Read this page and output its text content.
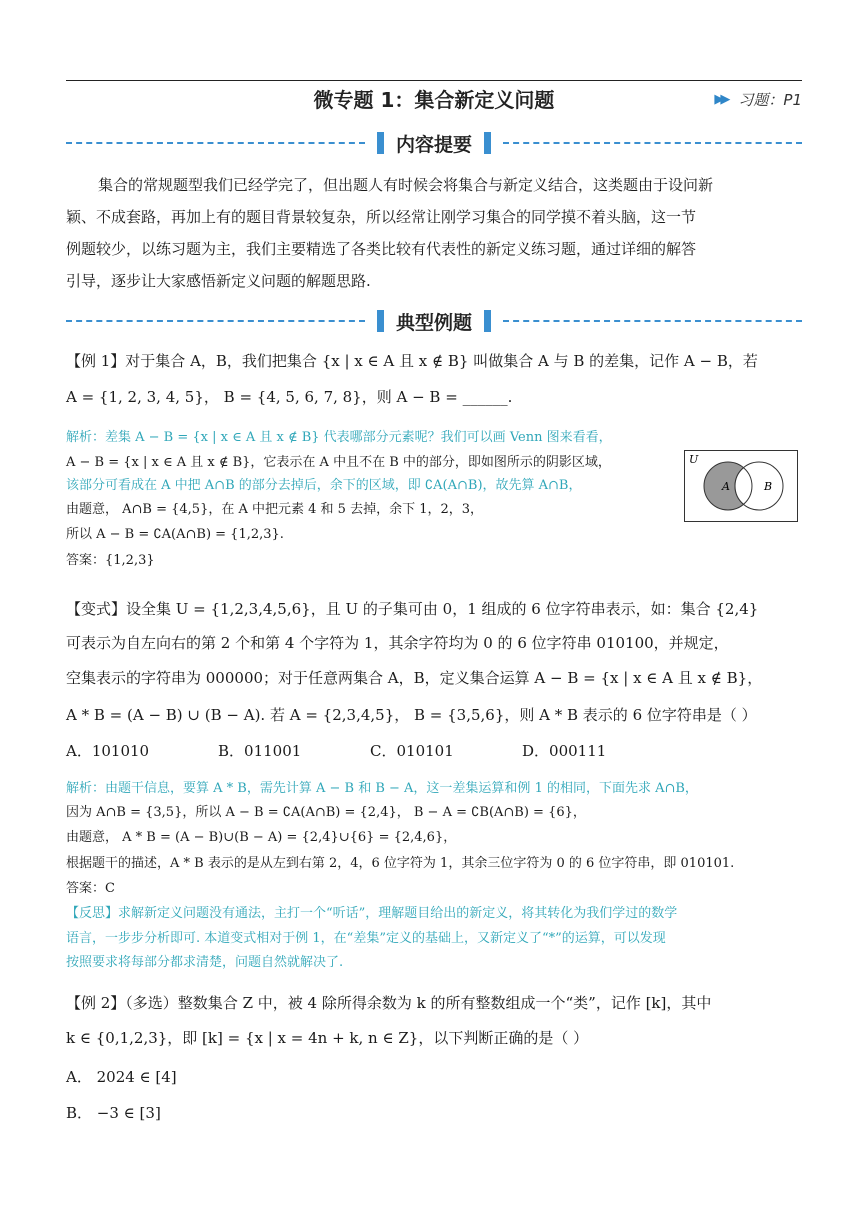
微专题 1：集合新定义问题	▶▶ 习题：P1
内容提要
集合的常规题型我们已经学完了，但出题人有时候会将集合与新定义结合，这类题由于设问新
颖、不成套路，再加上有的题目背景较复杂，所以经常让刚学习集合的同学摸不着头脑，这一节
例题较少，以练习题为主，我们主要精选了各类比较有代表性的新定义练习题，通过详细的解答
引导，逐步让大家感悟新定义问题的解题思路.
典型例题
【例 1】对于集合 A，B，我们把集合 {x | x ∈ A 且 x ∉ B} 叫做集合 A 与 B 的差集，记作 A − B，若
A = {1, 2, 3, 4, 5}， B = {4, 5, 6, 7, 8}，则 A − B = ______.
解析：差集 A − B = {x | x ∈ A 且 x ∉ B} 代表哪部分元素呢？我们可以画 Venn 图来看看，
A − B = {x | x ∈ A 且 x ∉ B}，它表示在 A 中且不在 B 中的部分，即如图所示的阴影区域，
该部分可看成在 A 中把 A∩B 的部分去掉后，余下的区域，即 ∁A(A∩B)，故先算 A∩B，
由题意， A∩B = {4,5}，在 A 中把元素 4 和 5 去掉，余下 1，2，3，
所以 A − B = ∁A(A∩B) = {1,2,3}.
答案：{1,2,3}
U
A	B
【变式】设全集 U = {1,2,3,4,5,6}，且 U 的子集可由 0，1 组成的 6 位字符串表示，如：集合 {2,4}
可表示为自左向右的第 2 个和第 4 个字符为 1，其余字符均为 0 的 6 位字符串 010100，并规定，
空集表示的字符串为 000000；对于任意两集合 A，B，定义集合运算 A − B = {x | x ∈ A 且 x ∉ B}，
A * B = (A − B) ∪ (B − A). 若 A = {2,3,4,5}， B = {3,5,6}，则 A * B 表示的 6 位字符串是（ ）
A．101010	B．011001	C．010101	D．000111
解析：由题干信息，要算 A * B，需先计算 A − B 和 B − A，这一差集运算和例 1 的相同，下面先求 A∩B，
因为 A∩B = {3,5}，所以 A − B = ∁A(A∩B) = {2,4}， B − A = ∁B(A∩B) = {6}，
由题意， A * B = (A − B)∪(B − A) = {2,4}∪{6} = {2,4,6}，
根据题干的描述，A * B 表示的是从左到右第 2，4，6 位字符为 1，其余三位字符为 0 的 6 位字符串，即 010101.
答案：C
【反思】求解新定义问题没有通法，主打一个“听话”，理解题目给出的新定义，将其转化为我们学过的数学
语言，一步步分析即可. 本道变式相对于例 1，在“差集”定义的基础上，又新定义了“*”的运算，可以发现
按照要求将每部分都求清楚，问题自然就解决了.
【例 2】（多选）整数集合 Z 中，被 4 除所得余数为 k 的所有整数组成一个“类”，记作 [k]，其中
k ∈ {0,1,2,3}，即 [k] = {x | x = 4n + k, n ∈ Z}，以下判断正确的是（ ）
A． 2024 ∈ [4]
B． −3 ∈ [3]
